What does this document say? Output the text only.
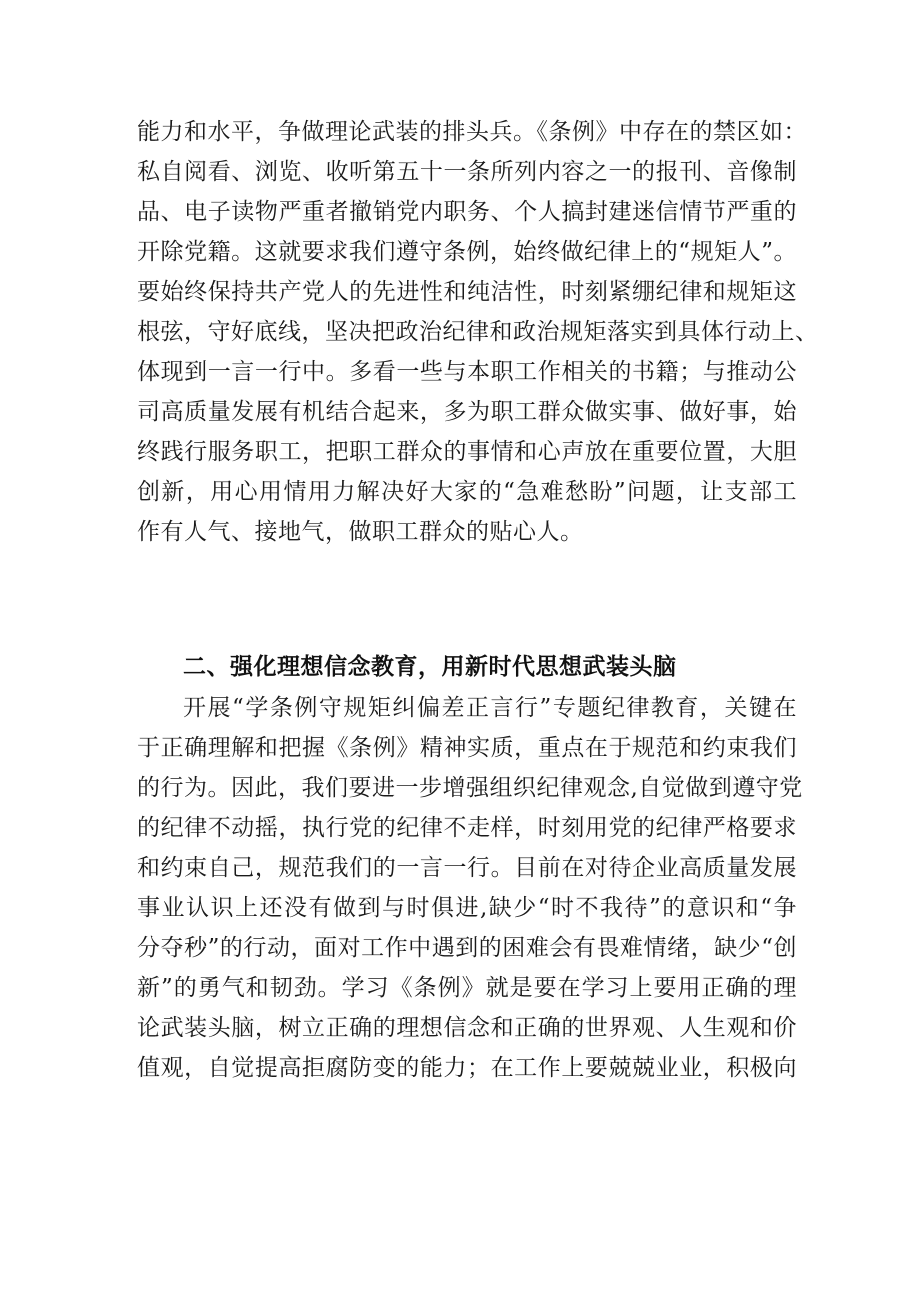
能力和水平，争做理论武装的排头兵。《条例》中存在的禁区如：
私自阅看、浏览、收听第五十一条所列内容之一的报刊、音像制
品、电子读物严重者撤销党内职务、个人搞封建迷信情节严重的
开除党籍。这就要求我们遵守条例，始终做纪律上的“规矩人”。
要始终保持共产党人的先进性和纯洁性，时刻紧绷纪律和规矩这
根弦，守好底线，坚决把政治纪律和政治规矩落实到具体行动上、
体现到一言一行中。多看一些与本职工作相关的书籍；与推动公
司高质量发展有机结合起来，多为职工群众做实事、做好事，始
终践行服务职工，把职工群众的事情和心声放在重要位置，大胆
创新，用心用情用力解决好大家的“急难愁盼”问题，让支部工
作有人气、接地气，做职工群众的贴心人。
二、强化理想信念教育，用新时代思想武装头脑
开展“学条例守规矩纠偏差正言行”专题纪律教育，关键在
于正确理解和把握《条例》精神实质，重点在于规范和约束我们
的行为。因此，我们要进一步增强组织纪律观念,自觉做到遵守党
的纪律不动摇，执行党的纪律不走样，时刻用党的纪律严格要求
和约束自己，规范我们的一言一行。目前在对待企业高质量发展
事业认识上还没有做到与时俱进,缺少“时不我待”的意识和“争
分夺秒”的行动，面对工作中遇到的困难会有畏难情绪，缺少“创
新”的勇气和韧劲。学习《条例》就是要在学习上要用正确的理
论武装头脑，树立正确的理想信念和正确的世界观、人生观和价
值观，自觉提高拒腐防变的能力；在工作上要兢兢业业，积极向
